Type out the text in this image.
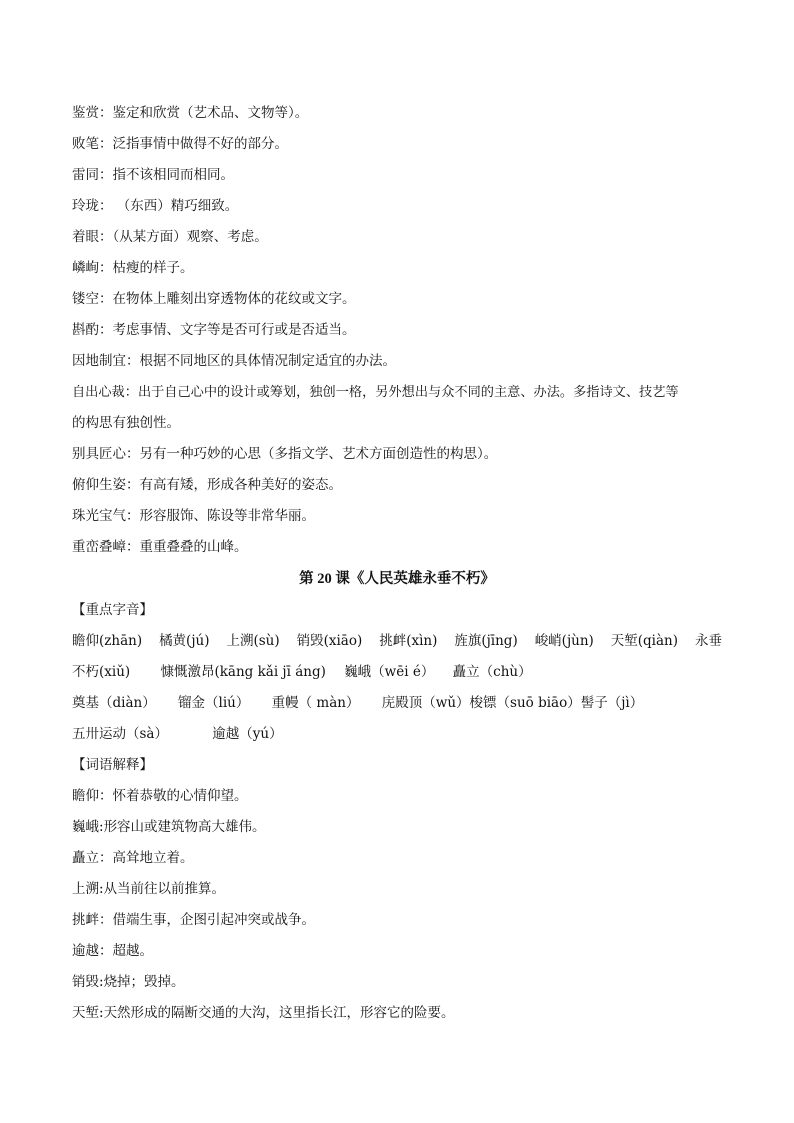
鉴赏：鉴定和欣赏（艺术品、文物等）。
败笔：泛指事情中做得不好的部分。
雷同：指不该相同而相同。
玲珑： （东西）精巧细致。
着眼：（从某方面）观察、考虑。
嶙峋：枯瘦的样子。
镂空：在物体上雕刻出穿透物体的花纹或文字。
斟酌：考虑事情、文字等是否可行或是否适当。
因地制宜：根据不同地区的具体情况制定适宜的办法。
自出心裁：出于自己心中的设计或筹划，独创一格，另外想出与众不同的主意、办法。多指诗文、技艺等
的构思有独创性。
别具匠心：另有一种巧妙的心思（多指文学、艺术方面创造性的构思）。
俯仰生姿：有高有矮，形成各种美好的姿态。
珠光宝气：形容服饰、陈设等非常华丽。
重峦叠嶂：重重叠叠的山峰。
第 20 课《人民英雄永垂不朽》
【重点字音】
瞻仰(zhān) 橘黄(jú) 上溯(sù) 销毁(xiāo) 挑衅(xìn) 旌旗(jīng) 峻峭(jùn) 天堑(qiàn) 永垂
不朽(xiǔ) 慷慨激昂(kāng kǎi jī áng) 巍峨（wēi é） 矗立（chù）
奠基（diàn） 镏金（liú） 重幔（ màn） 庑殿顶（wǔ）梭镖（suō biāo）髻子（jì）
五卅运动（sà）	逾越（yú）
【词语解释】
瞻仰：怀着恭敬的心情仰望。
巍峨:形容山或建筑物高大雄伟。
矗立：高耸地立着。
上溯:从当前往以前推算。
挑衅：借端生事，企图引起冲突或战争。
逾越：超越。
销毁:烧掉；毁掉。
天堑:天然形成的隔断交通的大沟，这里指长江，形容它的险要。
